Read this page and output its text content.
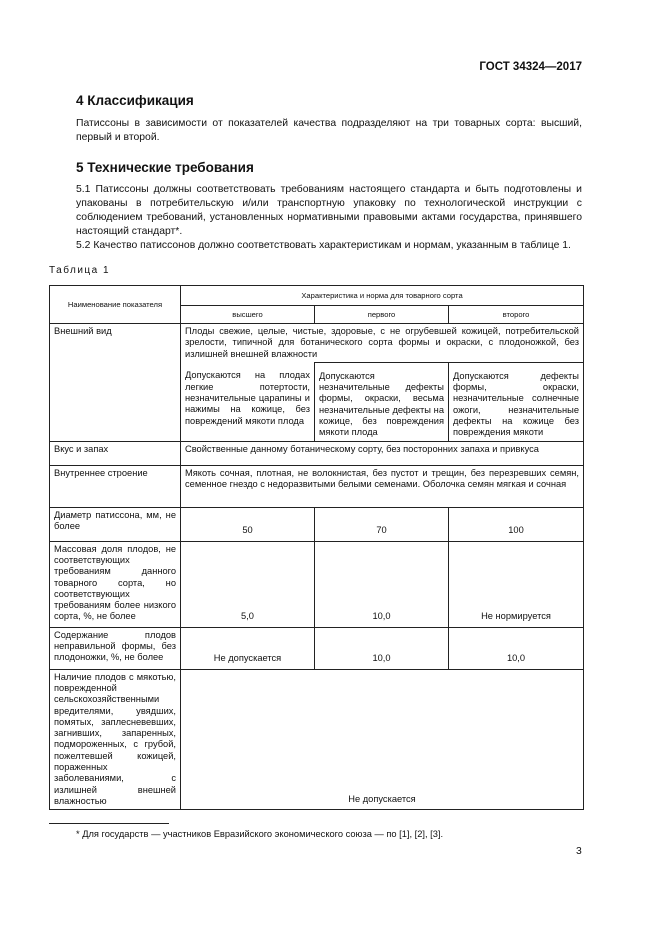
ГОСТ 34324—2017
4 Классификация
Патиссоны в зависимости от показателей качества подразделяют на три товарных сорта: высший, первый и второй.
5 Технические требования
5.1 Патиссоны должны соответствовать требованиям настоящего стандарта и быть подготовлены и упакованы в потребительскую и/или транспортную упаковку по технологической инструкции с соблюдением требований, установленных нормативными правовыми актами государства, принявшего настоящий стандарт*.
5.2 Качество патиссонов должно соответствовать характеристикам и нормам, указанным в таблице 1.
Таблица 1
Наименование показателя	Характеристика и норма для товарного сорта		
	высшего	первого	второго
Внешний вид	Плоды свежие, целые, чистые, здоровые, с не огрубевшей кожицей, потребительской зрелости, типичной для ботанического сорта формы и окраски, с плодоножкой, без излишней внешней влажности		

	Допускаются на плодах легкие потертости, незначительные царапины и нажимы на кожице, без повреждений мякоти плода	Допускаются незначительные дефекты формы, окраски, весьма незначительные дефекты на кожице, без повреждения мякоти плода	Допускаются дефекты формы, окраски, незначительные солнечные ожоги, незначительные дефекты на кожице без повреждения мякоти
Вкус и запах	Свойственные данному ботаническому сорту, без посторонних запаха и привкуса		
Внутреннее строение	Мякоть сочная, плотная, не волокнистая, без пустот и трещин, без перезревших семян, семенное гнездо с недоразвитыми белыми семенами. Оболочка семян мягкая и сочная		
Диаметр патиссона, мм, не более	50	70	100
Массовая доля плодов, не соответствующих требованиям данного товарного сорта, но соответствующих требованиям более низкого сорта, %, не более	5,0	10,0	Не нормируется
Содержание плодов неправильной формы, без плодоножки, %, не более	Не допускается	10,0	10,0
Наличие плодов с мякотью, поврежденной сельскохозяйственными вредителями, увядших, помятых, заплесневевших, загнивших, запаренных, подмороженных, с грубой, пожелтевшей кожицей, пораженных заболеваниями, с излишней внешней влажностью	Не допускается		
* Для государств — участников Евразийского экономического союза — по [1], [2], [3].
3
